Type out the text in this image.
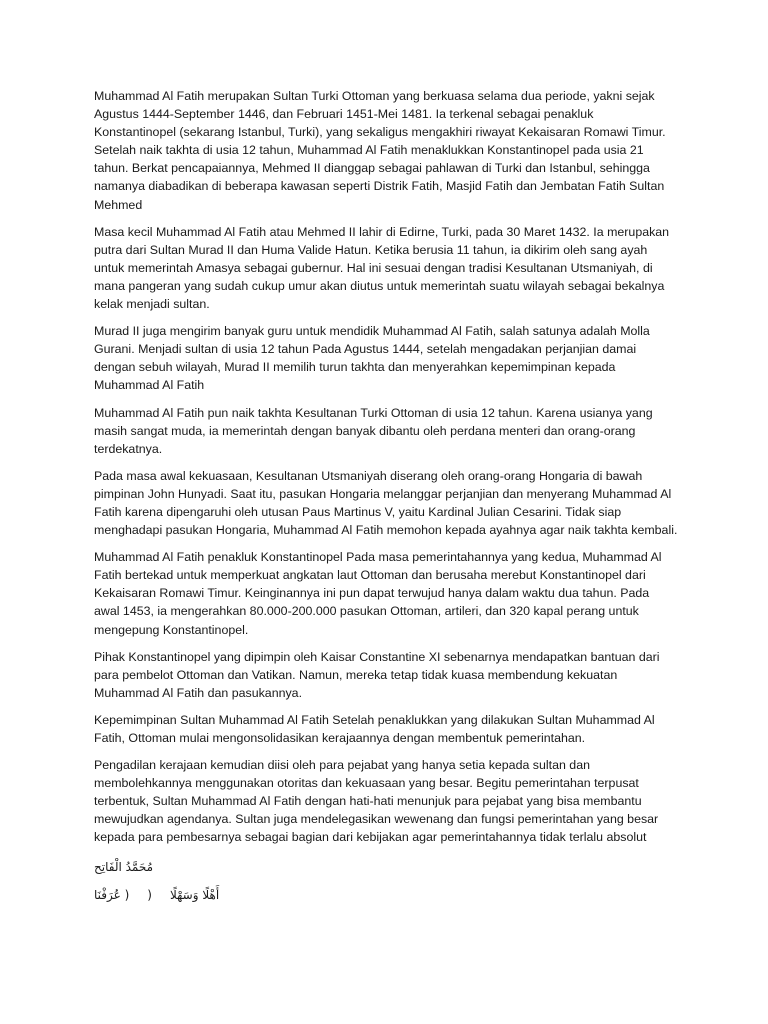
Muhammad Al Fatih merupakan Sultan Turki Ottoman yang berkuasa selama dua periode, yakni sejak Agustus 1444-September 1446, dan Februari 1451-Mei 1481. Ia terkenal sebagai penakluk Konstantinopel (sekarang Istanbul, Turki), yang sekaligus mengakhiri riwayat Kekaisaran Romawi Timur. Setelah naik takhta di usia 12 tahun, Muhammad Al Fatih menaklukkan Konstantinopel pada usia 21 tahun. Berkat pencapaiannya, Mehmed II dianggap sebagai pahlawan di Turki dan Istanbul, sehingga namanya diabadikan di beberapa kawasan seperti Distrik Fatih, Masjid Fatih dan Jembatan Fatih Sultan Mehmed

Masa kecil Muhammad Al Fatih atau Mehmed II lahir di Edirne, Turki, pada 30 Maret 1432. Ia merupakan putra dari Sultan Murad II dan Huma Valide Hatun. Ketika berusia 11 tahun, ia dikirim oleh sang ayah untuk memerintah Amasya sebagai gubernur. Hal ini sesuai dengan tradisi Kesultanan Utsmaniyah, di mana pangeran yang sudah cukup umur akan diutus untuk memerintah suatu wilayah sebagai bekalnya kelak menjadi sultan.

Murad II juga mengirim banyak guru untuk mendidik Muhammad Al Fatih, salah satunya adalah Molla Gurani. Menjadi sultan di usia 12 tahun Pada Agustus 1444, setelah mengadakan perjanjian damai dengan sebuh wilayah, Murad II memilih turun takhta dan menyerahkan kepemimpinan kepada Muhammad Al Fatih

Muhammad Al Fatih pun naik takhta Kesultanan Turki Ottoman di usia 12 tahun. Karena usianya yang masih sangat muda, ia memerintah dengan banyak dibantu oleh perdana menteri dan orang-orang terdekatnya.

Pada masa awal kekuasaan, Kesultanan Utsmaniyah diserang oleh orang-orang Hongaria di bawah pimpinan John Hunyadi. Saat itu, pasukan Hongaria melanggar perjanjian dan menyerang Muhammad Al Fatih karena dipengaruhi oleh utusan Paus Martinus V, yaitu Kardinal Julian Cesarini. Tidak siap menghadapi pasukan Hongaria, Muhammad Al Fatih memohon kepada ayahnya agar naik takhta kembali.

Muhammad Al Fatih penakluk Konstantinopel Pada masa pemerintahannya yang kedua, Muhammad Al Fatih bertekad untuk memperkuat angkatan laut Ottoman dan berusaha merebut Konstantinopel dari Kekaisaran Romawi Timur. Keinginannya ini pun dapat terwujud hanya dalam waktu dua tahun. Pada awal 1453, ia mengerahkan 80.000-200.000 pasukan Ottoman, artileri, dan 320 kapal perang untuk mengepung Konstantinopel.

Pihak Konstantinopel yang dipimpin oleh Kaisar Constantine XI sebenarnya mendapatkan bantuan dari para pembelot Ottoman dan Vatikan. Namun, mereka tetap tidak kuasa membendung kekuatan Muhammad Al Fatih dan pasukannya.

Kepemimpinan Sultan Muhammad Al Fatih Setelah penaklukkan yang dilakukan Sultan Muhammad Al Fatih, Ottoman mulai mengonsolidasikan kerajaannya dengan membentuk pemerintahan.

Pengadilan kerajaan kemudian diisi oleh para pejabat yang hanya setia kepada sultan dan membolehkannya menggunakan otoritas dan kekuasaan yang besar. Begitu pemerintahan terpusat terbentuk, Sultan Muhammad Al Fatih dengan hati-hati menunjuk para pejabat yang bisa membantu mewujudkan agendanya. Sultan juga mendelegasikan wewenang dan fungsi pemerintahan yang besar kepada para pembesarnya sebagai bagian dari kebijakan agar pemerintahannya tidak terlalu absolut

مُحَمَّدُ الْفَاتِح
( عُرَفْنَا ) أَهْلًا وَسَهْلًا
